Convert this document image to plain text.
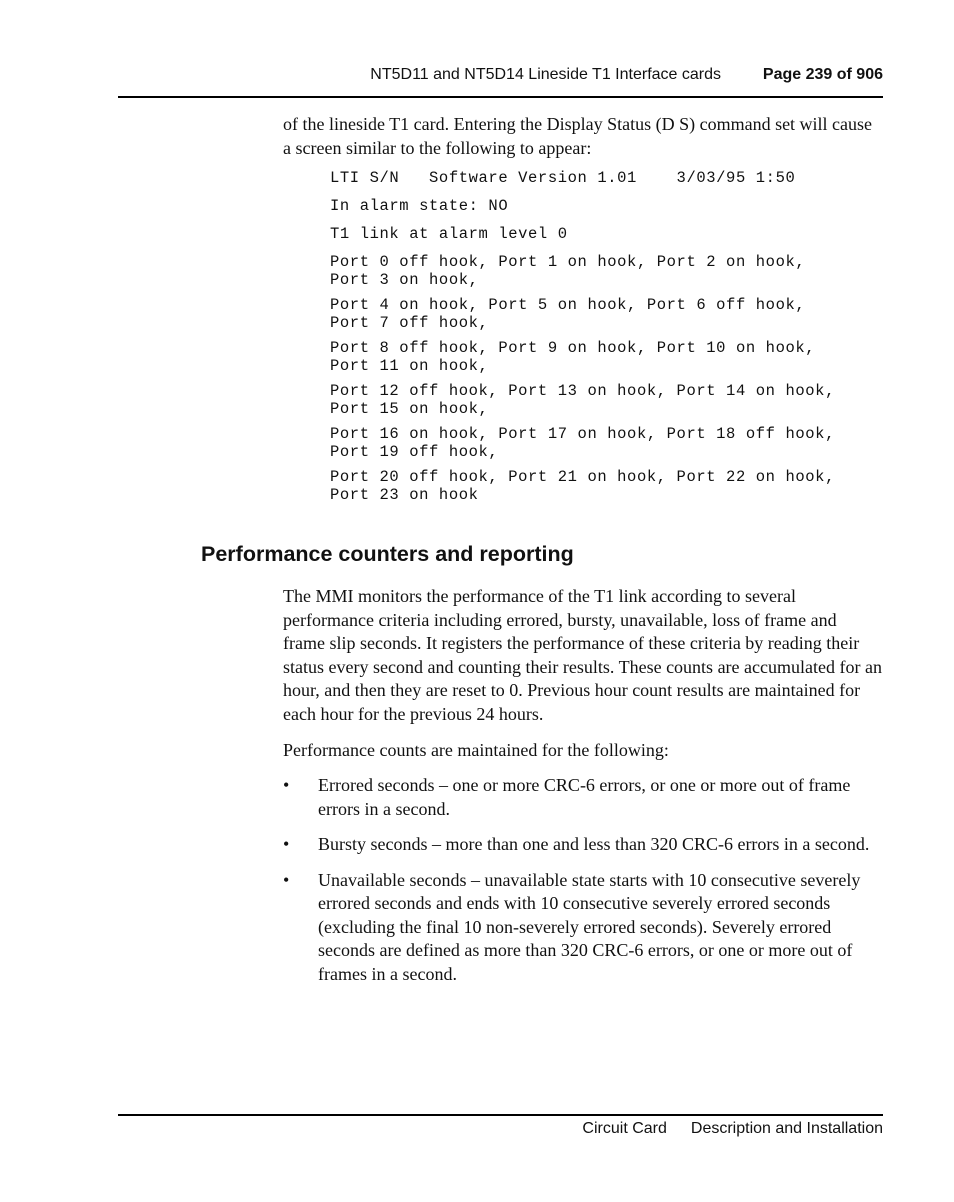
NT5D11 and NT5D14 Lineside T1 Interface cards	Page 239 of 906

of the lineside T1 card. Entering the Display Status (D S) command set will cause a screen similar to the following to appear:

LTI S/N   Software Version 1.01    3/03/95 1:50
In alarm state: NO
T1 link at alarm level 0
Port 0 off hook, Port 1 on hook, Port 2 on hook,
Port 3 on hook,
Port 4 on hook, Port 5 on hook, Port 6 off hook,
Port 7 off hook,
Port 8 off hook, Port 9 on hook, Port 10 on hook,
Port 11 on hook,
Port 12 off hook, Port 13 on hook, Port 14 on hook,
Port 15 on hook,
Port 16 on hook, Port 17 on hook, Port 18 off hook,
Port 19 off hook,
Port 20 off hook, Port 21 on hook, Port 22 on hook,
Port 23 on hook
Performance counters and reporting

The MMI monitors the performance of the T1 link according to several performance criteria including errored, bursty, unavailable, loss of frame and frame slip seconds. It registers the performance of these criteria by reading their status every second and counting their results. These counts are accumulated for an hour, and then they are reset to 0. Previous hour count results are maintained for each hour for the previous 24 hours.

Performance counts are maintained for the following:

• Errored seconds – one or more CRC-6 errors, or one or more out of frame errors in a second.
• Bursty seconds – more than one and less than 320 CRC-6 errors in a second.
• Unavailable seconds – unavailable state starts with 10 consecutive severely errored seconds and ends with 10 consecutive severely errored seconds (excluding the final 10 non-severely errored seconds). Severely errored seconds are defined as more than 320 CRC-6 errors, or one or more out of frames in a second.
Circuit Card Description and Installation
